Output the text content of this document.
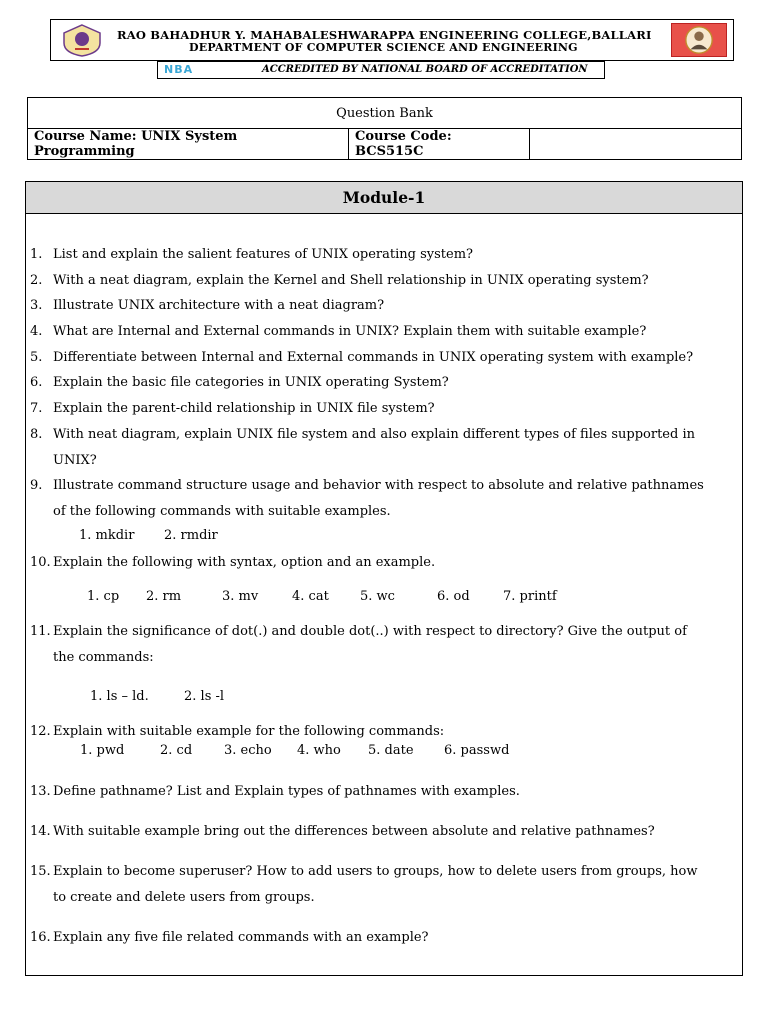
RAO BAHADHUR Y. MAHABALESHWARAPPA ENGINEERING COLLEGE,BALLARI
DEPARTMENT OF COMPUTER SCIENCE AND ENGINEERING
NBA	ACCREDITED BY NATIONAL BOARD OF ACCREDITATION
Question Bank
Course Name: UNIX System Programming	Course Code: BCS515C	
Module-1
1. List and explain the salient features of UNIX operating system?
2. With a neat diagram, explain the Kernel and Shell relationship in UNIX operating system?
3. Illustrate UNIX architecture with a neat diagram?
4. What are Internal and External commands in UNIX? Explain them with suitable example?
5. Differentiate between Internal and External commands in UNIX operating system with example?
6. Explain the basic file categories in UNIX operating System?
7. Explain the parent-child relationship in UNIX file system?
8. With neat diagram, explain UNIX file system and also explain different types of files supported in UNIX?
9. Illustrate command structure usage and behavior with respect to absolute and relative pathnames of the following commands with suitable examples.
1. mkdir 2. rmdir
10. Explain the following with syntax, option and an example.
1. cp 2. rm	3. mv	4. cat 5. wc	6. od	7. printf
11. Explain the significance of dot(.) and double dot(..) with respect to directory? Give the output of the commands:
1. ls – ld.	2. ls -l
12. Explain with suitable example for the following commands:
1. pwd	2. cd 3. echo 4. who 5. date 6. passwd
13. Define pathname? List and Explain types of pathnames with examples.
14. With suitable example bring out the differences between absolute and relative pathnames?
15. Explain to become superuser? How to add users to groups, how to delete users from groups, how to create and delete users from groups.
16. Explain any five file related commands with an example?
